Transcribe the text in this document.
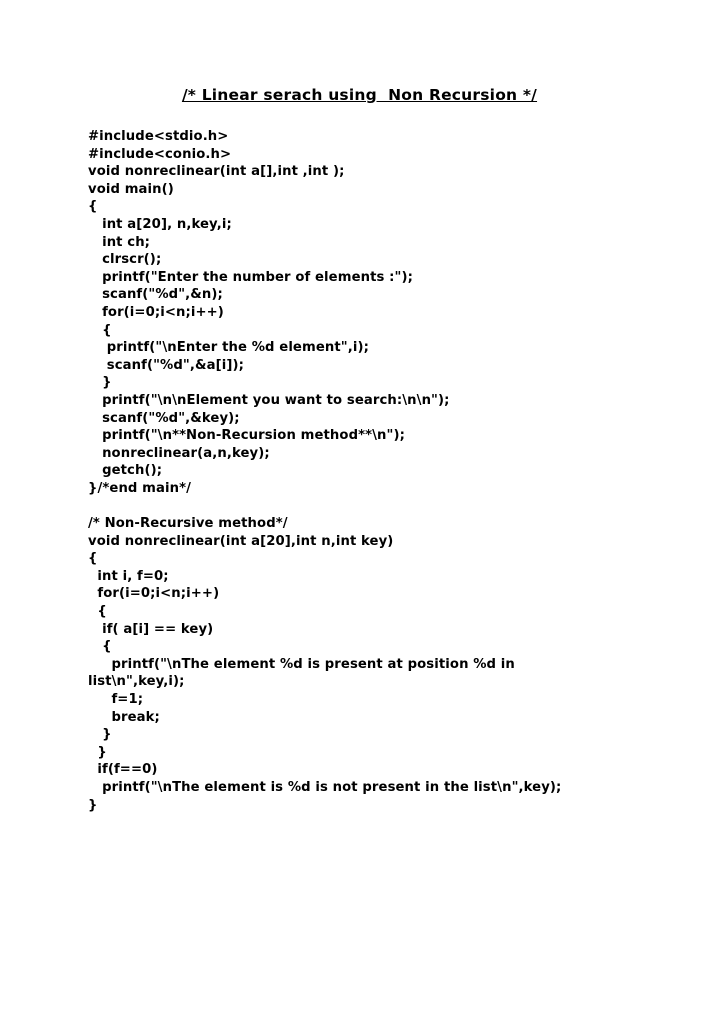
/* Linear serach using  Non Recursion */
#include<stdio.h>
#include<conio.h>
void nonreclinear(int a[],int ,int );
void main()
{
int a[20], n,key,i;
int ch;
clrscr();
printf("Enter the number of elements :");
scanf("%d",&n);
for(i=0;i<n;i++)
{
printf("\nEnter the %d element",i);
scanf("%d",&a[i]);
}
printf("\n\nElement you want to search:\n\n");
scanf("%d",&key);
printf("\n**Non-Recursion method**\n");
nonreclinear(a,n,key);
getch();
}/*end main*/
/* Non-Recursive method*/
void nonreclinear(int a[20],int n,int key)
{
int i, f=0;
for(i=0;i<n;i++)
{
if( a[i] == key)
{
printf("\nThe element %d is present at position %d in
list\n",key,i);
f=1;
break;
}
}
if(f==0)
printf("\nThe element is %d is not present in the list\n",key);
}
